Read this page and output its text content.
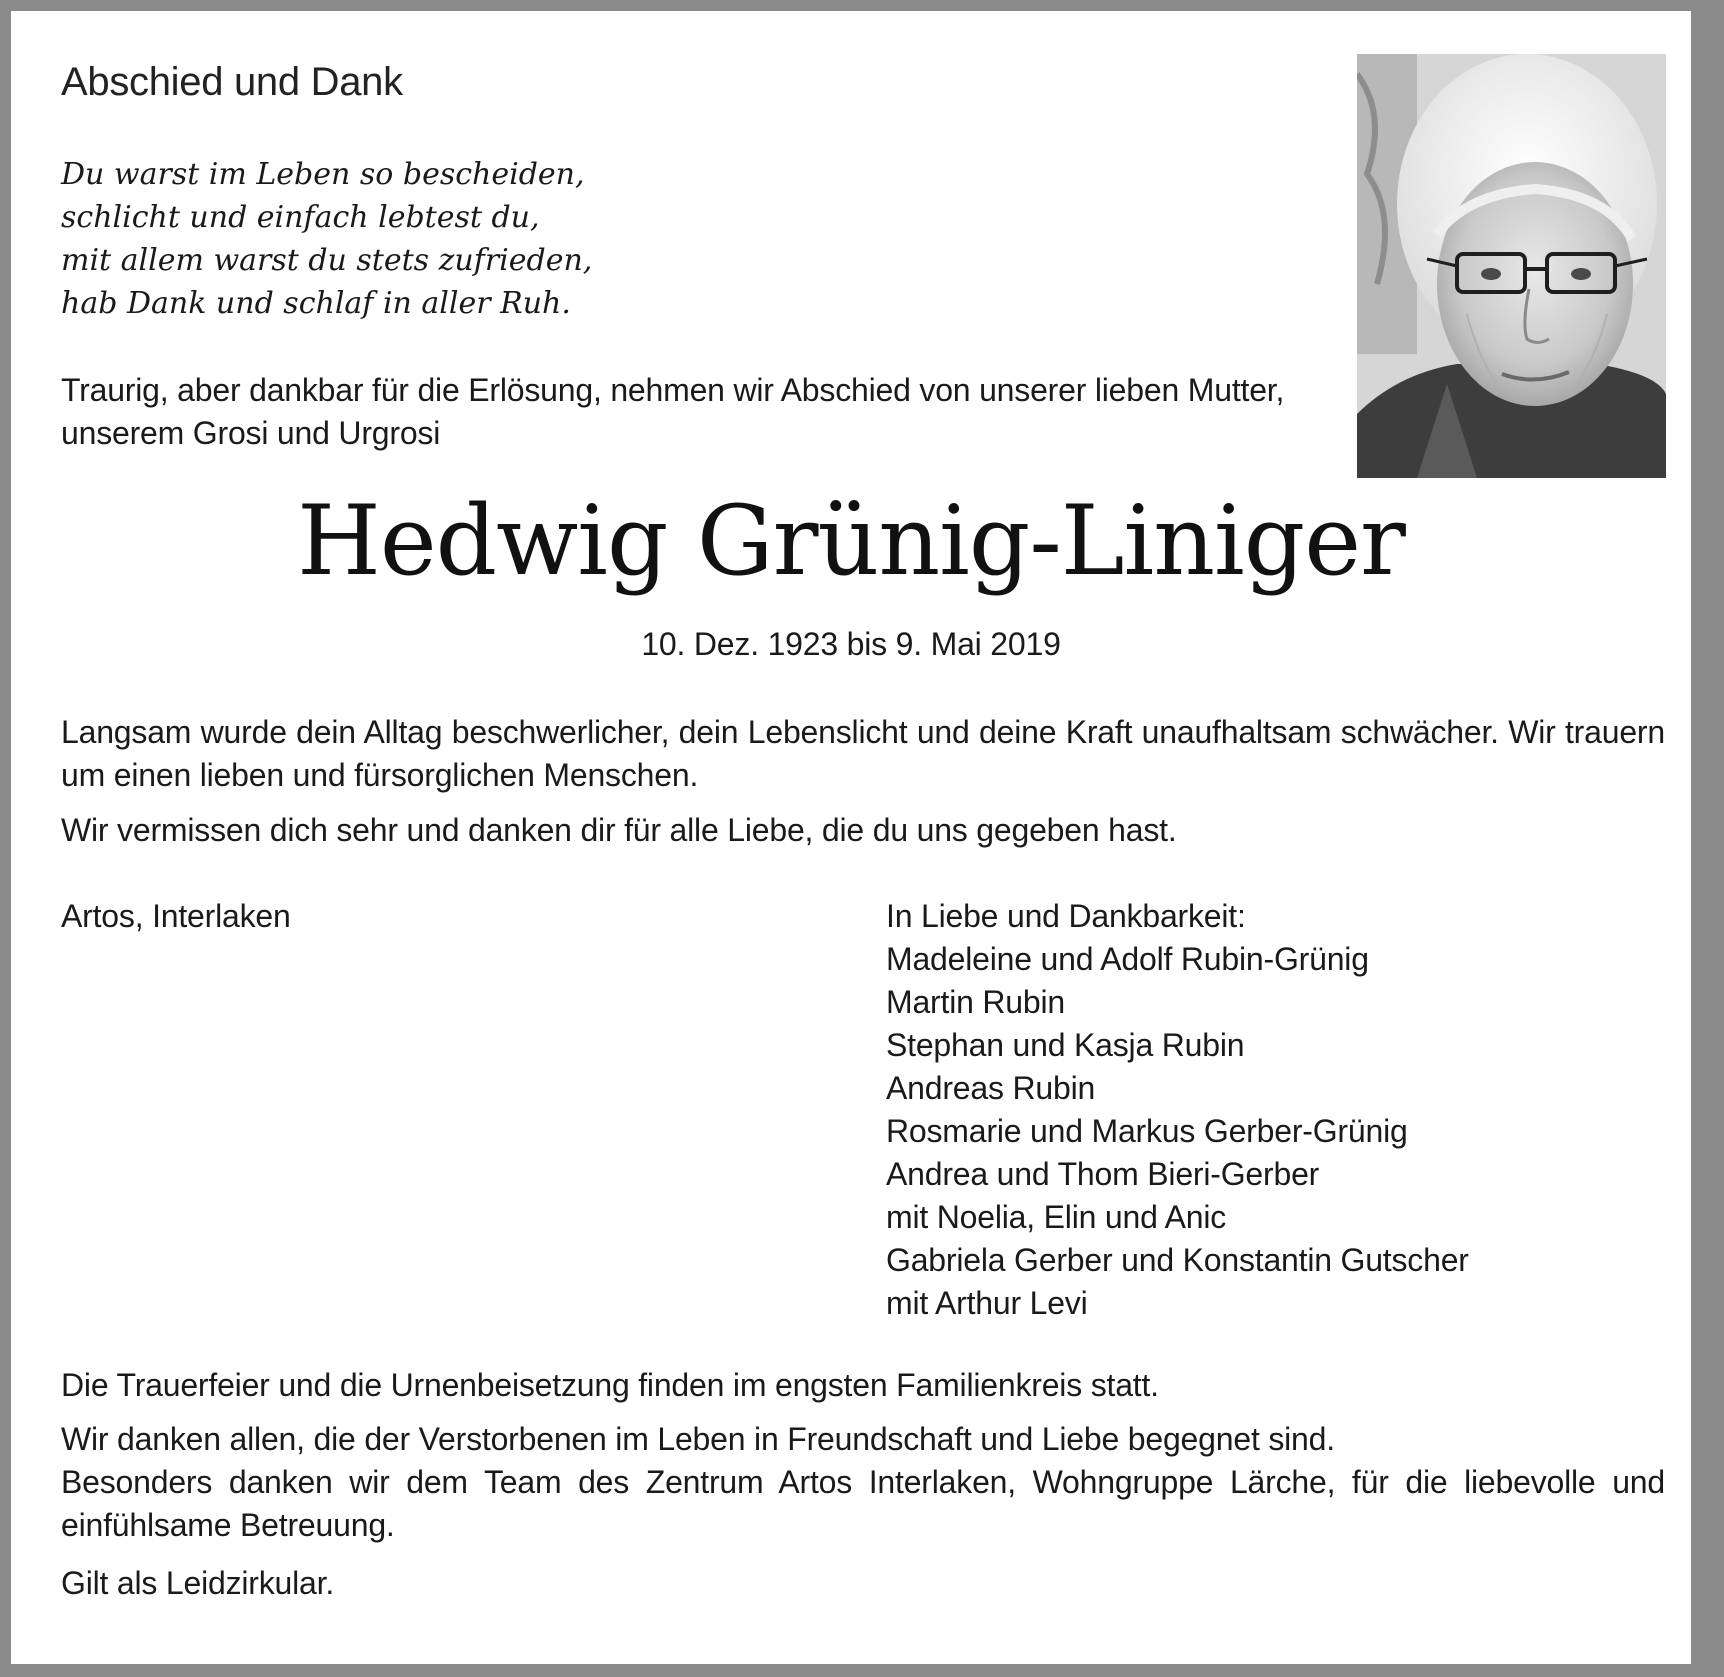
Abschied und Dank
Du warst im Leben so bescheiden,
schlicht und einfach lebtest du,
mit allem warst du stets zufrieden,
hab Dank und schlaf in aller Ruh.
Traurig, aber dankbar für die Erlösung, nehmen wir Abschied von unserer lieben Mutter, unserem Grosi und Urgrosi
Hedwig Grünig-Liniger
10. Dez. 1923 bis 9. Mai 2019
Langsam wurde dein Alltag beschwerlicher, dein Lebenslicht und deine Kraft unaufhaltsam schwächer. Wir trauern um einen lieben und fürsorglichen Menschen.
Wir vermissen dich sehr und danken dir für alle Liebe, die du uns gegeben hast.
Artos, Interlaken	In Liebe und Dankbarkeit:
Madeleine und Adolf Rubin-Grünig
Martin Rubin
Stephan und Kasja Rubin
Andreas Rubin
Rosmarie und Markus Gerber-Grünig
Andrea und Thom Bieri-Gerber
mit Noelia, Elin und Anic
Gabriela Gerber und Konstantin Gutscher
mit Arthur Levi
Die Trauerfeier und die Urnenbeisetzung finden im engsten Familienkreis statt.
Wir danken allen, die der Verstorbenen im Leben in Freundschaft und Liebe begegnet sind.
Besonders danken wir dem Team des Zentrum Artos Interlaken, Wohngruppe Lärche, für die liebevolle und einfühlsame Betreuung.
Gilt als Leidzirkular.
